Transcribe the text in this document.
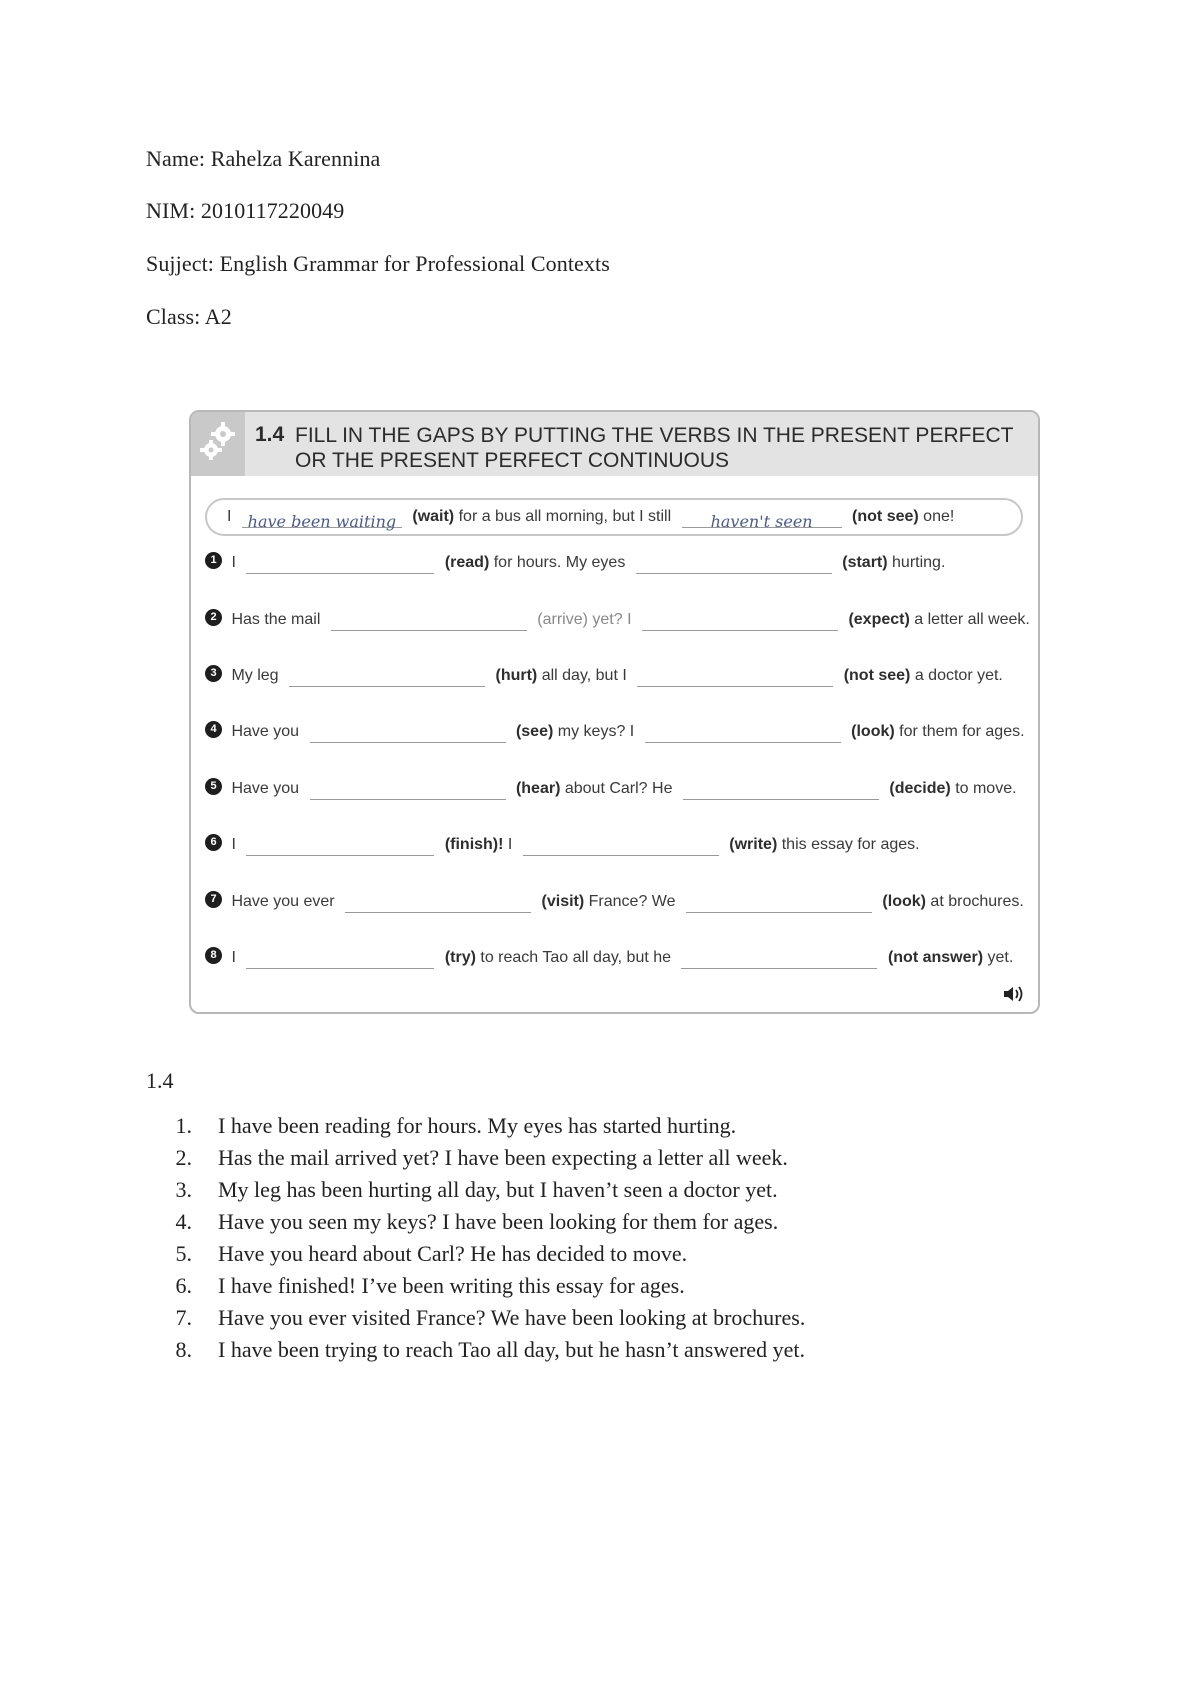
Name: Rahelza Karennina
NIM: 2010117220049
Sujject: English Grammar for Professional Contexts
Class: A2
1.4 FILL IN THE GAPS BY PUTTING THE VERBS IN THE PRESENT PERFECT OR THE PRESENT PERFECT CONTINUOUS
I have been waiting (wait) for a bus all morning, but I still haven't seen (not see) one!
1 I	(read) for hours. My eyes	(start) hurting.
2 Has the mail	(arrive) yet? I	(expect) a letter all week.
3 My leg	(hurt) all day, but I	(not see) a doctor yet.
4 Have you	(see) my keys? I	(look) for them for ages.
5 Have you	(hear) about Carl? He	(decide) to move.
6 I	(finish)! I	(write) this essay for ages.
7 Have you ever	(visit) France? We	(look) at brochures.
8 I	(try) to reach Tao all day, but he	(not answer) yet.
1.4
1. I have been reading for hours. My eyes has started hurting.
2. Has the mail arrived yet? I have been expecting a letter all week.
3. My leg has been hurting all day, but I haven’t seen a doctor yet.
4. Have you seen my keys? I have been looking for them for ages.
5. Have you heard about Carl? He has decided to move.
6. I have finished! I’ve been writing this essay for ages.
7. Have you ever visited France? We have been looking at brochures.
8. I have been trying to reach Tao all day, but he hasn’t answered yet.
